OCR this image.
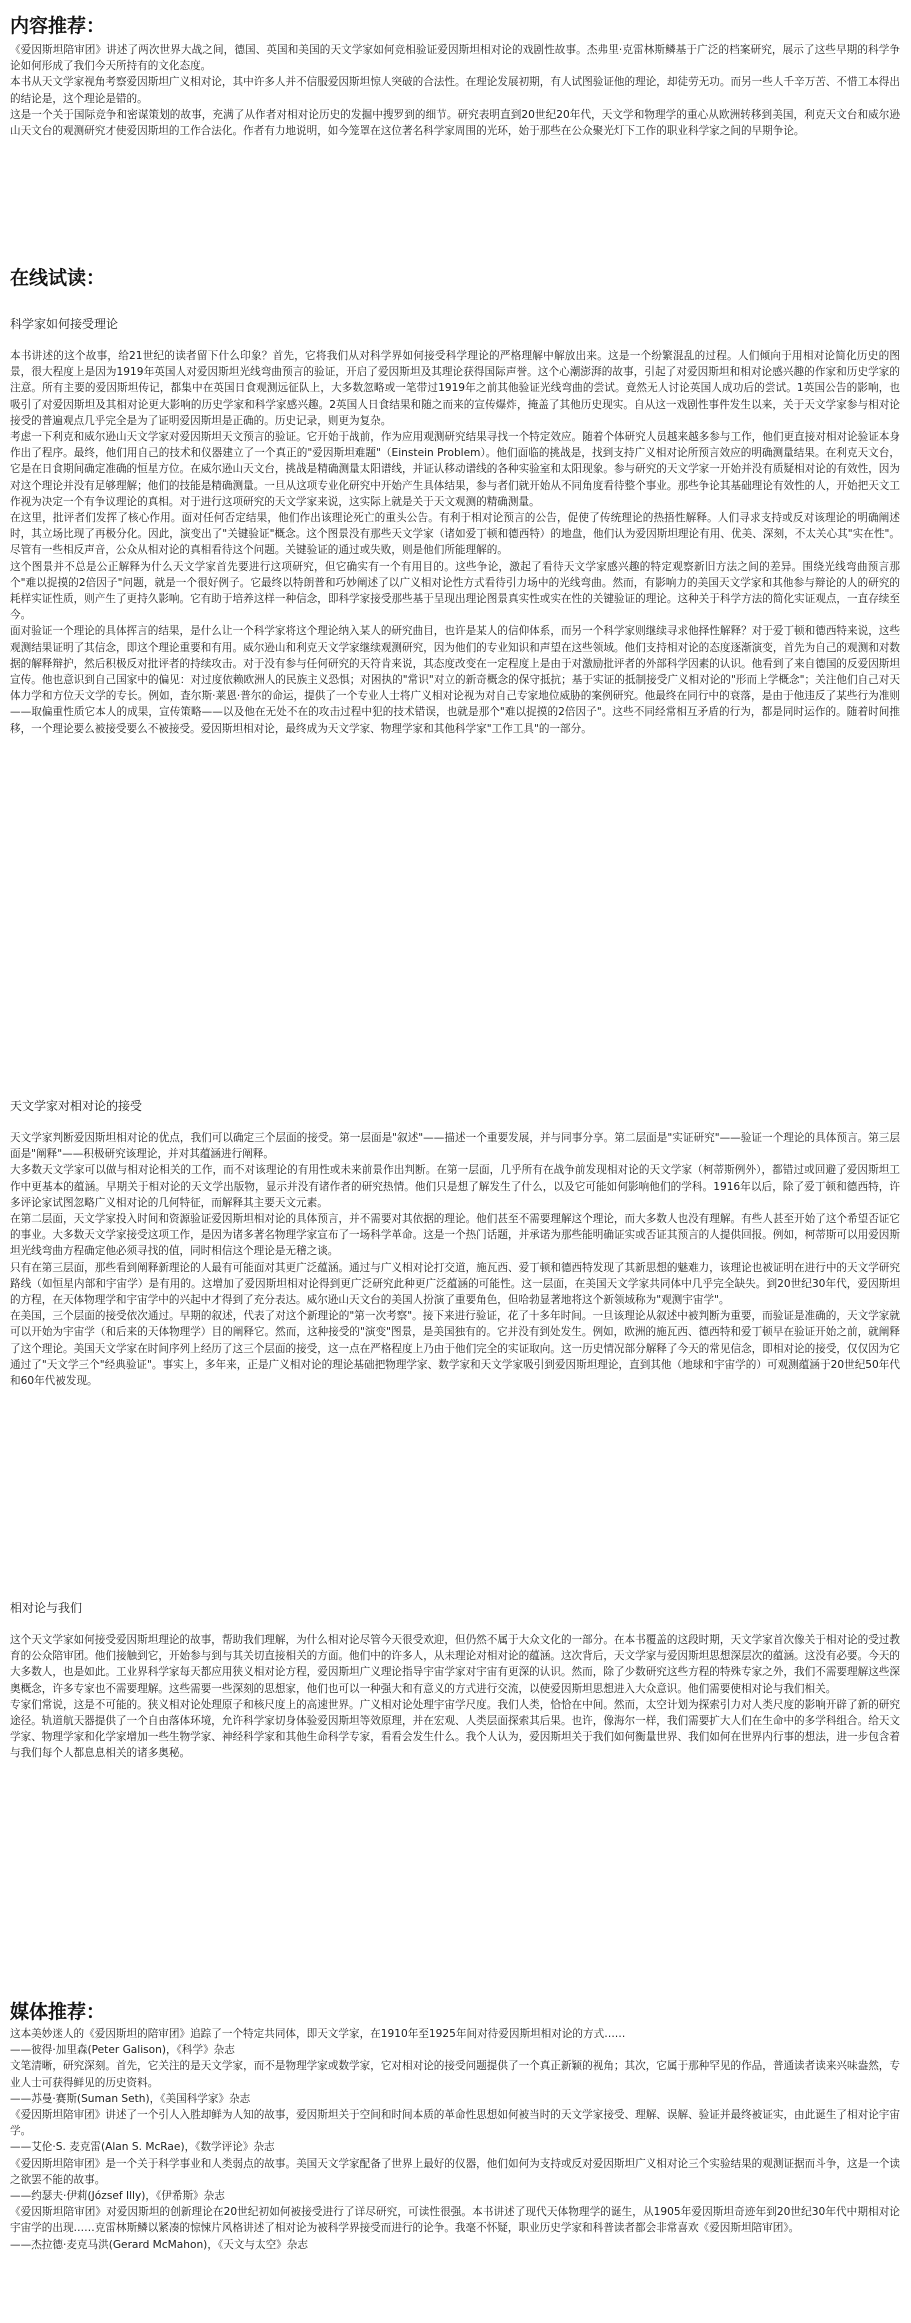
内容推荐：

《爱因斯坦陪审团》讲述了两次世界大战之间，德国、英国和美国的天文学家如何竞相验证爱因斯坦相对论的戏剧性故事。杰弗里·克雷林斯鳞基于广泛的档案研究，展示了这些早期的科学争论如何形成了我们今天所持有的文化态度。

本书从天文学家视角考察爱因斯坦广义相对论，其中许多人并不信服爱因斯坦惊人突破的合法性。在理论发展初期，有人试图验证他的理论，却徒劳无功。而另一些人千辛万苦、不惜工本得出的结论是，这个理论是错的。

这是一个关于国际竞争和密谋策划的故事，充满了从作者对相对论历史的发掘中搜罗到的细节。研究表明直到20世纪20年代，天文学和物理学的重心从欧洲转移到美国，利克天文台和威尔逊山天文台的观测研究才使爱因斯坦的工作合法化。作者有力地说明，如今笼罩在这位著名科学家周围的光环，始于那些在公众聚光灯下工作的职业科学家之间的早期争论。

在线试读：
科学家如何接受理论

本书讲述的这个故事，给21世纪的读者留下什么印象？首先，它将我们从对科学界如何接受科学理论的严格理解中解放出来。这是一个纷繁混乱的过程。人们倾向于用相对论简化历史的图景，很大程度上是因为1919年英国人对爱因斯坦光线弯曲预言的验证，开启了爱因斯坦及其理论获得国际声誉。这个心潮澎湃的故事，引起了对爱因斯坦和相对论感兴趣的作家和历史学家的注意。所有主要的爱因斯坦传记，都集中在英国日食观测远征队上，大多数忽略或一笔带过1919年之前其他验证光线弯曲的尝试。竟然无人讨论英国人成功后的尝试。1英国公告的影响，也吸引了对爱因斯坦及其相对论更大影响的历史学家和科学家感兴趣。2英国人日食结果和随之而来的宣传爆炸，掩盖了其他历史现实。自从这一戏剧性事件发生以来，关于天文学家参与相对论接受的普遍观点几乎完全是为了证明爱因斯坦是正确的。历史记录，则更为复杂。

考虑一下利克和威尔逊山天文学家对爱因斯坦天文预言的验证。它开始于战前，作为应用观测研究结果寻找一个特定效应。随着个体研究人员越来越多参与工作，他们更直接对相对论验证本身作出了程序。最终，他们用自己的技术和仪器建立了一个真正的"爱因斯坦难题"（Einstein Problem）。他们面临的挑战是，找到支持广义相对论所预言效应的明确测量结果。在利克天文台，它是在日食期间确定准确的恒星方位。在威尔逊山天文台，挑战是精确测量太阳谱线，并证认移动谱线的各种实验室和太阳现象。参与研究的天文学家一开始并没有质疑相对论的有效性，因为对这个理论并没有足够理解；他们的技能是精确测量。一旦从这项专业化研究中开始产生具体结果，参与者们就开始从不同角度看待整个事业。那些争论其基础理论有效性的人，开始把天文工作视为决定一个有争议理论的真相。对于进行这项研究的天文学家来说，这实际上就是关于天文观测的精确测量。

在这里，批评者们发挥了核心作用。面对任何否定结果，他们作出该理论死亡的重头公告。有利于相对论预言的公告，促使了传统理论的热捂性解释。人们寻求支持或反对该理论的明确阐述时，其立场比现了再极分化。因此，演变出了"关键验证"概念。这个图景没有那些天文学家（诸如爱丁顿和德西特）的地盘，他们认为爱因斯坦理论有用、优美、深刻，不太关心其"实在性"。尽管有一些相反声音，公众从相对论的真相看待这个问题。关键验证的通过或失败，则是他们所能理解的。

这个图景并不总是公正解释为什么天文学家首先要进行这项研究，但它确实有一个有用目的。这些争论，激起了看待天文学家感兴趣的特定观察新旧方法之间的差异。围绕光线弯曲预言那个"难以捉摸的2倍因子"问题，就是一个很好例子。它最终以特朗普和巧妙阐述了以广义相对论性方式看待引力场中的光线弯曲。然而，有影响力的美国天文学家和其他参与辩论的人的研究的耗样实证性质，则产生了更持久影响。它有助于培养这样一种信念，即科学家接受那些基于呈现出理论图景真实性或实在性的关键验证的理论。这种关于科学方法的简化实证观点，一直存续至今。

面对验证一个理论的具体挥言的结果，是什么让一个科学家将这个理论纳入某人的研究曲目，也许是某人的信仰体系，而另一个科学家则继续寻求他择性解释？对于爱丁顿和德西特来说，这些观测结果证明了其信念，即这个理论重要和有用。威尔逊山和利克天文学家继续观测研究，因为他们的专业知识和声望在这些领域。他们支持相对论的态度逐渐演变，首先为自己的观测和对数据的解释辩护，然后积极反对批评者的持续攻击。对于没有参与任何研究的天符肯来说，其态度改变在一定程度上是由于对激励批评者的外部科学因素的认识。他看到了来自德国的反爱因斯坦宣传。他也意识到自己国家中的偏见：对过度依赖欧洲人的民族主义恐惧；对困执的"常识"对立的新奇概念的保守抵抗；基于实证的抵制接受广义相对论的"形而上学概念"；关注他们自己对天体力学和方位天文学的专长。例如，査尔斯·莱恩·普尔的命运，提供了一个专业人士将广义相对论视为对自己专家地位威胁的案例研究。他最终在同行中的衰落，是由于他违反了某些行为准则——取偏重性质它本人的成果，宣传策略——以及他在无处不在的攻击过程中犯的技术错误，也就是那个"难以捉摸的2倍因子"。这些不同经常相互矛盾的行为，都是同时运作的。随着时间推移，一个理论要么被接受要么不被接受。爱因斯坦相对论，最终成为天文学家、物理学家和其他科学家"工作工具"的一部分。

天文学家对相对论的接受

天文学家判断爱因斯坦相对论的优点，我们可以确定三个层面的接受。第一层面是"叙述"——描述一个重要发展，并与同事分享。第二层面是"实证研究"——验证一个理论的具体预言。第三层面是"阐释"——积极研究该理论，并对其蕴涵进行阐释。

大多数天文学家可以做与相对论相关的工作，而不对该理论的有用性或未来前景作出判断。在第一层面，几乎所有在战争前发现相对论的天文学家（柯蒂斯例外），都错过或回避了爱因斯坦工作中更基本的蕴涵。早期关于相对论的天文学出版物，显示并没有诸作者的研究热情。他们只是想了解发生了什么，以及它可能如何影响他们的学科。1916年以后，除了爱丁顿和德西特，许多评论家试图忽略广义相对论的几何特征，而解释其主要天文元素。

在第二层面，天文学家投入时间和资源验证爱因斯坦相对论的具体预言，并不需要对其依据的理论。他们甚至不需要理解这个理论，而大多数人也没有理解。有些人甚至开始了这个希望否证它的事业。大多数天文学家接受这项工作，是因为诸多著名物理学家宣布了一场科学革命。这是一个热门话题，并承诺为那些能明确证实或否证其预言的人提供回报。例如，柯蒂斯可以用爱因斯坦光线弯曲方程确定他必须寻找的值，同时相信这个理论是无稽之谈。

只有在第三层面，那些看到阐释新理论的人最有可能面对其更广泛蕴涵。通过与广义相对论打交道，施瓦西、爱丁顿和德西特发现了其新思想的魅难力，该理论也被证明在进行中的天文学研究路线（如恒星内部和宇宙学）是有用的。这增加了爱因斯坦相对论得到更广泛研究此种更广泛蕴涵的可能性。这一层面，在美国天文学家共同体中几乎完全缺失。到20世纪30年代，爱因斯坦的方程，在天体物理学和宇宙学中的兴起中才得到了充分表达。威尔逊山天文台的美国人扮演了重要角色，但哈勃显著地将这个新领域称为"观测宇宙学"。

在美国，三个层面的接受依次通过。早期的叙述，代表了对这个新理论的"第一次考察"。接下来进行验证，花了十多年时间。一旦该理论从叙述中被判断为重要，而验证是准确的，天文学家就可以开始为宇宙学（和后来的天体物理学）目的阐释它。然而，这种接受的"演变"图景，是美国独有的。它并没有到处发生。例如，欧洲的施瓦西、德西特和爱丁顿早在验证开始之前，就阐释了这个理论。美国天文学家在时间序列上经历了这三个层面的接受，这一点在严格程度上乃由于他们完全的实证取向。这一历史情况部分解释了今天的常见信念，即相对论的接受，仅仅因为它通过了"天文学三个"经典验证"。事实上，多年来，正是广义相对论的理论基础把物理学家、数学家和天文学家吸引到爱因斯坦理论，直到其他（地球和宇宙学的）可观测蕴涵于20世纪50年代和60年代被发现。

相对论与我们

这个天文学家如何接受爱因斯坦理论的故事，帮助我们理解，为什么相对论尽管今天很受欢迎，但仍然不属于大众文化的一部分。在本书覆盖的这段时期，天文学家首次像关于相对论的受过教育的公众陪审团。他们接触到它，开始参与到与其关切直接相关的方面。他们中的许多人，从未理论对相对论的蕴涵。这次背后，天文学家与爱因斯坦思想深层次的蕴涵。这没有必要。今天的大多数人，也是如此。工业界科学家每天都应用狭义相对论方程，爱因斯坦广义理论指导宇宙学家对宇宙有更深的认识。然而，除了少数研究这些方程的特殊专家之外，我们不需要理解这些深奥概念，许多专家也不需要理解。这些需要一些深刻的思想家，他们也可以一种强大和有意义的方式进行交流，以使爱因斯坦思想进入大众意识。他们需要使相对论与我们相关。

专家们常说，这是不可能的。狭义相对论处理原子和核尺度上的高速世界。广义相对论处理宇宙学尺度。我们人类，恰恰在中间。然而，太空计划为探索引力对人类尺度的影响开辟了新的研究途径。轨道航天器提供了一个自由落体环境，允许科学家切身体验爱因斯坦等效原理，并在宏观、人类层面探索其后果。也许，像海尔一样，我们需要扩大人们在生命中的多学科组合。给天文学家、物理学家和化学家增加一些生物学家、神经科学家和其他生命科学专家，看看会发生什么。我个人认为，爱因斯坦关于我们如何衡量世界、我们如何在世界内行事的想法，进一步包含着与我们每个人都息息相关的诸多奥秘。

媒体推荐：

这本美妙迷人的《爱因斯坦的陪审团》追踪了一个特定共同体，即天文学家，在1910年至1925年间对待爱因斯坦相对论的方式……

——彼得·加里森(Peter Galison)，《科学》杂志

文笔清晰，研究深刻。首先，它关注的是天文学家，而不是物理学家或数学家，它对相对论的接受问题提供了一个真正新颖的视角；其次，它属于那种罕见的作品，普通读者读来兴味盎然，专业人士可获得鲜见的历史资料。

——苏曼·赛斯(Suman Seth)，《美国科学家》杂志

《爱因斯坦陪审团》讲述了一个引人入胜却鲜为人知的故事，爱因斯坦关于空间和时间本质的革命性思想如何被当时的天文学家接受、理解、误解、验证并最终被证实，由此诞生了相对论宇宙学。

——艾伦·S. 麦克雷(Alan S. McRae)，《数学评论》杂志

《爱因斯坦陪审团》是一个关于科学事业和人类弱点的故事。美国天文学家配备了世界上最好的仪器，他们如何为支持或反对爱因斯坦广义相对论三个实验结果的观测证据而斗争，这是一个读之欲罢不能的故事。

——约瑟夫·伊莉(József Illy)，《伊希斯》杂志

《爱因斯坦陪审团》对爱因斯坦的创新理论在20世纪初如何被接受进行了详尽研究，可读性很强。本书讲述了现代天体物理学的诞生，从1905年爱因斯坦奇迹年到20世纪30年代中期相对论宇宙学的出现……克雷林斯鳞以紧凑的惊悚片风格讲述了相对论为被科学界接受而进行的论争。我毫不怀疑，职业历史学家和科普读者都会非常喜欢《爱因斯坦陪审团》。

——杰拉德·麦克马洪(Gerard McMahon)，《天文与太空》杂志
